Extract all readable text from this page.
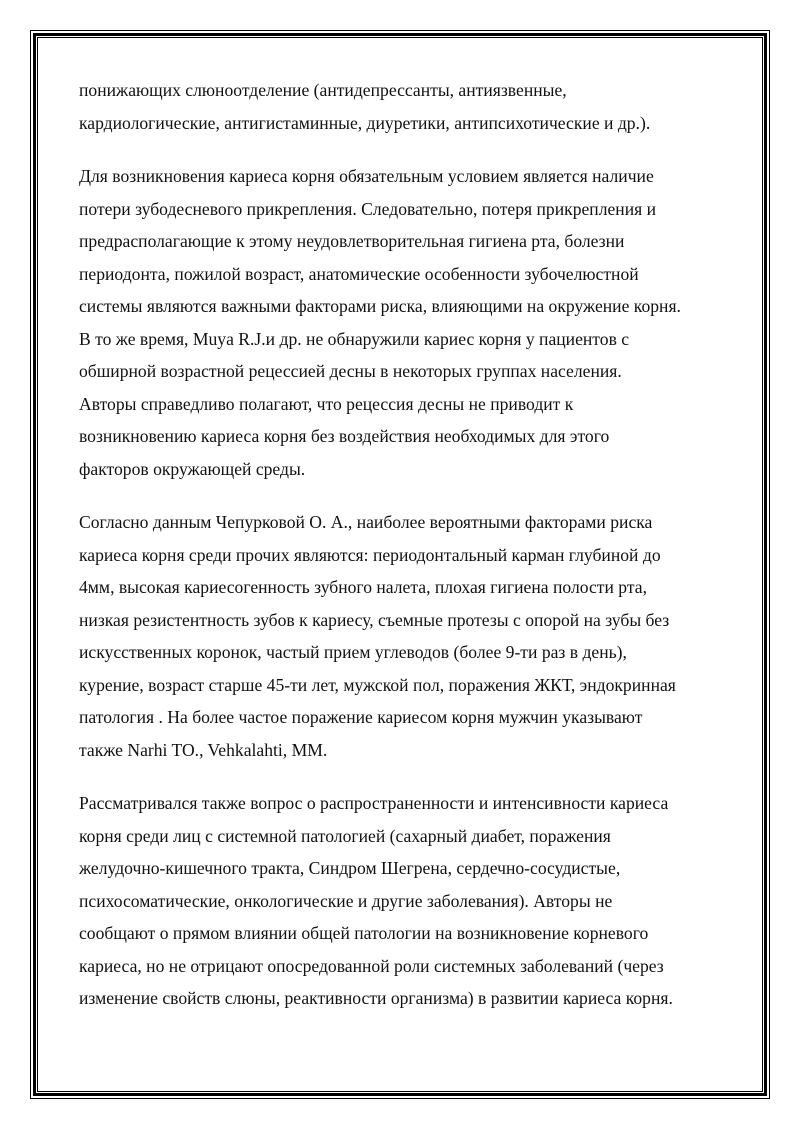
понижающих слюноотделение (антидепрессанты, антиязвенные,
кардиологические, антигистаминные, диуретики, антипсихотические и др.).

Для возникновения кариеса корня обязательным условием является наличие
потери зубодесневого прикрепления. Следовательно, потеря прикрепления и
предрасполагающие к этому неудовлетворительная гигиена рта, болезни
периодонта, пожилой возраст, анатомические особенности зубочелюстной
системы являются важными факторами риска, влияющими на окружение корня.
В то же время, Muya R.J.и др. не обнаружили кариес корня у пациентов с
обширной возрастной рецессией десны в некоторых группах населения.
Авторы справедливо полагают, что рецессия десны не приводит к
возникновению кариеса корня без воздействия необходимых для этого
факторов окружающей среды.

Согласно данным Чепурковой О. А., наиболее вероятными факторами риска
кариеса корня среди прочих являются: периодонтальный карман глубиной до
4мм, высокая кариесогенность зубного налета, плохая гигиена полости рта,
низкая резистентность зубов к кариесу, съемные протезы с опорой на зубы без
искусственных коронок, частый прием углеводов (более 9-ти раз в день),
курение, возраст старше 45-ти лет, мужской пол, поражения ЖКТ, эндокринная
патология . На более частое поражение кариесом корня мужчин указывают
также Narhi TO., Vehkalahti, MM.

Рассматривался также вопрос о распространенности и интенсивности кариеса
корня среди лиц с системной патологией (сахарный диабет, поражения
желудочно-кишечного тракта, Синдром Шегрена, сердечно-сосудистые,
психосоматические, онкологические и другие заболевания). Авторы не
сообщают о прямом влиянии общей патологии на возникновение корневого
кариеса, но не отрицают опосредованной роли системных заболеваний (через
изменение свойств слюны, реактивности организма) в развитии кариеса корня.
